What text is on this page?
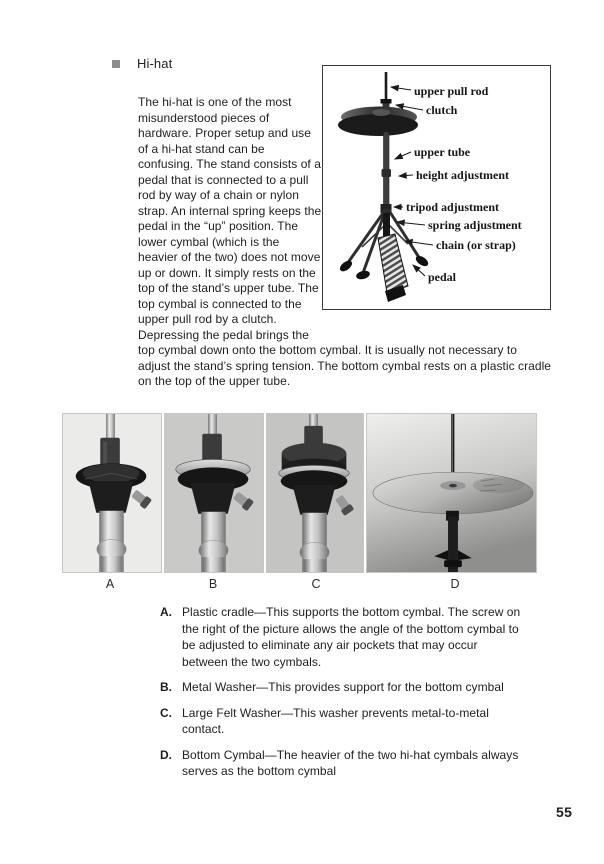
Hi-hat
upper pull rod
clutch
upper tube
height adjustment
tripod adjustment
spring adjustment
chain (or strap)
pedal

The hi-hat is one of the most misunderstood pieces of hardware. Proper setup and use of a hi-hat stand can be confusing. The stand consists of a pedal that is connected to a pull rod by way of a chain or nylon strap. An internal spring keeps the pedal in the “up” position. The lower cymbal (which is the heavier of the two) does not move up or down. It simply rests on the top of the stand’s upper tube. The top cymbal is connected to the upper pull rod by a clutch. Depressing the pedal brings the top cymbal down onto the bottom cymbal. It is usually not necessary to adjust the stand’s spring tension. The bottom cymbal rests on a plastic cradle on the top of the upper tube.

A	B	C	D
A. Plastic cradle—This supports the bottom cymbal. The screw on the right of the picture allows the angle of the bottom cymbal to be adjusted to eliminate any air pockets that may occur between the two cymbals.
B. Metal Washer—This provides support for the bottom cymbal
C. Large Felt Washer—This washer prevents metal-to-metal contact.
D. Bottom Cymbal—The heavier of the two hi-hat cymbals always serves as the bottom cymbal
55
